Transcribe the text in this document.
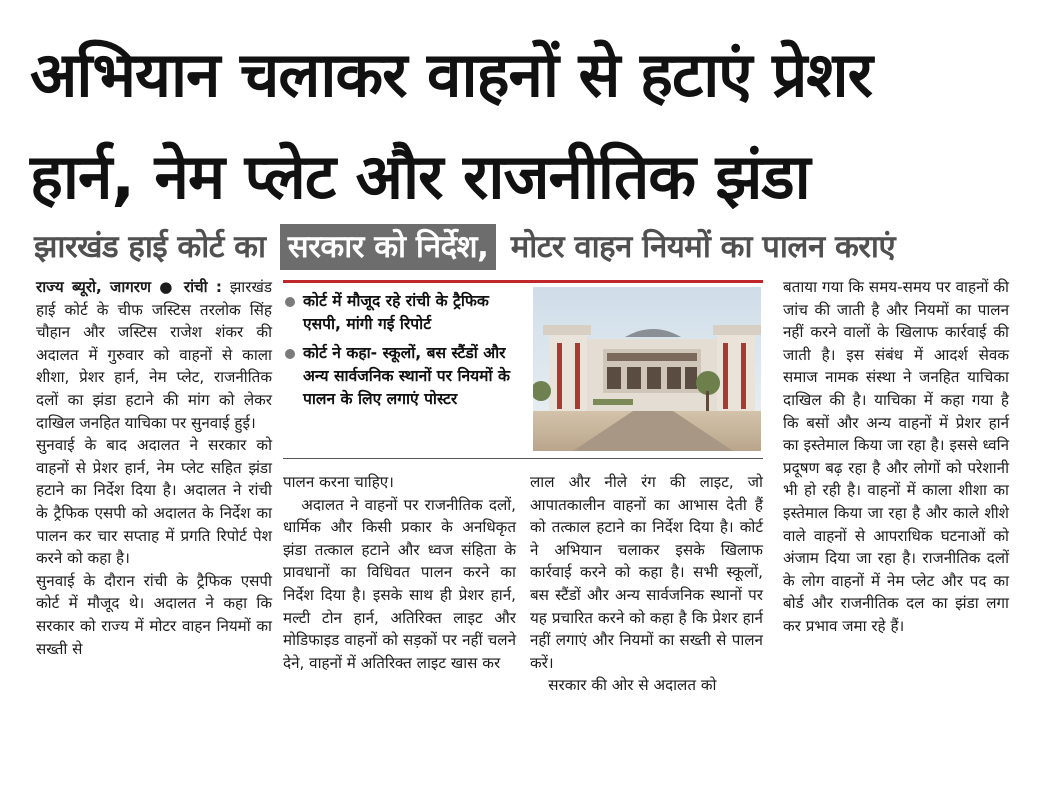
अभियान चलाकर वाहनों से हटाएं प्रेशर
हार्न, नेम प्लेट और राजनीतिक झंडा
झारखंड हाई कोर्ट का सरकार को निर्देश, मोटर वाहन नियमों का पालन कराएं

राज्य ब्यूरो, जागरण ● रांची : झारखंड हाई कोर्ट के चीफ जस्टिस तरलोक सिंह चौहान और जस्टिस राजेश शंकर की अदालत में गुरुवार को वाहनों से काला शीशा, प्रेशर हार्न, नेम प्लेट, राजनीतिक दलों का झंडा हटाने की मांग को लेकर दाखिल जनहित याचिका पर सुनवाई हुई।

सुनवाई के बाद अदालत ने सरकार को वाहनों से प्रेशर हार्न, नेम प्लेट सहित झंडा हटाने का निर्देश दिया है। अदालत ने रांची के ट्रैफिक एसपी को अदालत के निर्देश का पालन कर चार सप्ताह में प्रगति रिपोर्ट पेश करने को कहा है।

सुनवाई के दौरान रांची के ट्रैफिक एसपी कोर्ट में मौजूद थे। अदालत ने कहा कि सरकार को राज्य में मोटर वाहन नियमों का सख्ती से

कोर्ट में मौजूद रहे रांची के ट्रैफिक एसपी, मांगी गई रिपोर्ट
कोर्ट ने कहा- स्कूलों, बस स्टैंडों और अन्य सार्वजनिक स्थानों पर नियमों के पालन के लिए लगाएं पोस्टर

पालन करना चाहिए।

अदालत ने वाहनों पर राजनीतिक दलों, धार्मिक और किसी प्रकार के अनधिकृत झंडा तत्काल हटाने और ध्वज संहिता के प्रावधानों का विधिवत पालन करने का निर्देश दिया है। इसके साथ ही प्रेशर हार्न, मल्टी टोन हार्न, अतिरिक्त लाइट और मोडिफाइड वाहनों को सड़कों पर नहीं चलने देने, वाहनों में अतिरिक्त लाइट खास कर

लाल और नीले रंग की लाइट, जो आपातकालीन वाहनों का आभास देती हैं को तत्काल हटाने का निर्देश दिया है। कोर्ट ने अभियान चलाकर इसके खिलाफ कार्रवाई करने को कहा है। सभी स्कूलों, बस स्टैंडों और अन्य सार्वजनिक स्थानों पर यह प्रचारित करने को कहा है कि प्रेशर हार्न नहीं लगाएं और नियमों का सख्ती से पालन करें।

सरकार की ओर से अदालत को

बताया गया कि समय-समय पर वाहनों की जांच की जाती है और नियमों का पालन नहीं करने वालों के खिलाफ कार्रवाई की जाती है। इस संबंध में आदर्श सेवक समाज नामक संस्था ने जनहित याचिका दाखिल की है। याचिका में कहा गया है कि बसों और अन्य वाहनों में प्रेशर हार्न का इस्तेमाल किया जा रहा है। इससे ध्वनि प्रदूषण बढ़ रहा है और लोगों को परेशानी भी हो रही है। वाहनों में काला शीशा का इस्तेमाल किया जा रहा है और काले शीशे वाले वाहनों से आपराधिक घटनाओं को अंजाम दिया जा रहा है। राजनीतिक दलों के लोग वाहनों में नेम प्लेट और पद का बोर्ड और राजनीतिक दल का झंडा लगा कर प्रभाव जमा रहे हैं।
